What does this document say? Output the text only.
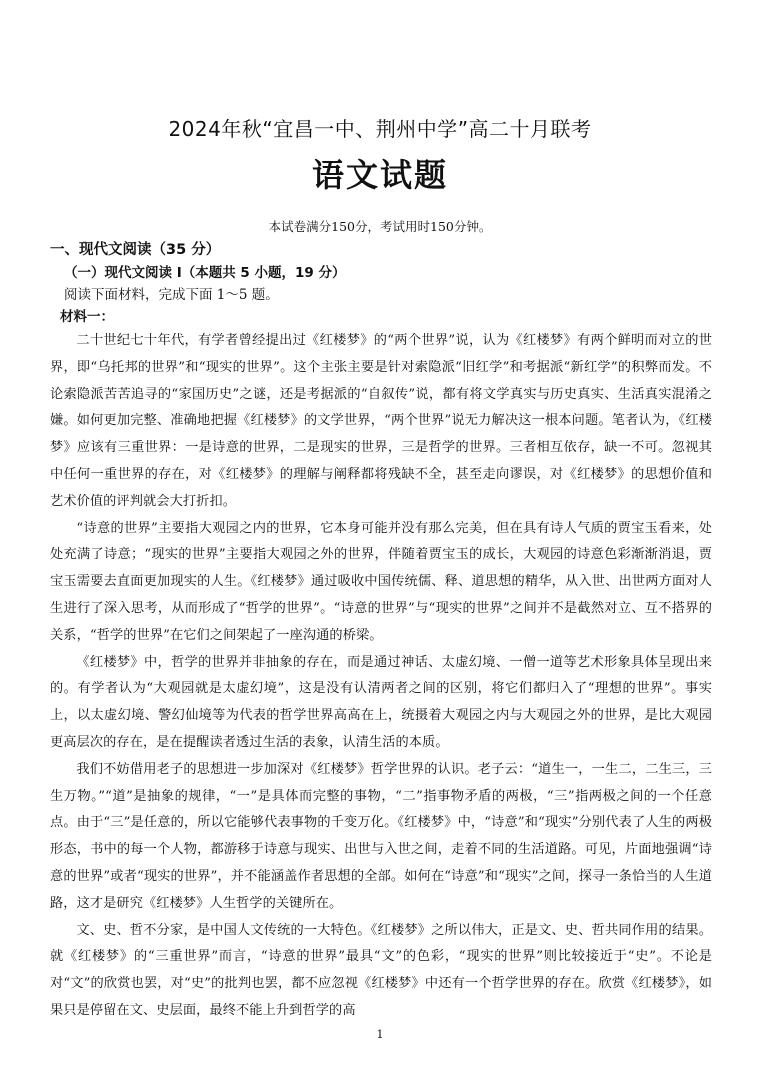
2024年秋“宜昌一中、荆州中学”高二十月联考
语文试题
本试卷满分150分，考试用时150分钟。

一、现代文阅读（35 分）

（一）现代文阅读 I（本题共 5 小题，19 分）

阅读下面材料，完成下面 1～5 题。

材料一：

二十世纪七十年代，有学者曾经提出过《红楼梦》的“两个世界”说，认为《红楼梦》有两个鲜明而对立的世界，即“乌托邦的世界”和“现实的世界”。这个主张主要是针对索隐派“旧红学”和考据派“新红学”的积弊而发。不论索隐派苦苦追寻的“家国历史”之谜，还是考据派的“自叙传”说，都有将文学真实与历史真实、生活真实混淆之嫌。如何更加完整、准确地把握《红楼梦》的文学世界，“两个世界”说无力解决这一根本问题。笔者认为，《红楼梦》应该有三重世界：一是诗意的世界，二是现实的世界，三是哲学的世界。三者相互依存，缺一不可。忽视其中任何一重世界的存在，对《红楼梦》的理解与阐释都将残缺不全，甚至走向谬误，对《红楼梦》的思想价值和艺术价值的评判就会大打折扣。

“诗意的世界”主要指大观园之内的世界，它本身可能并没有那么完美，但在具有诗人气质的贾宝玉看来，处处充满了诗意；“现实的世界”主要指大观园之外的世界，伴随着贾宝玉的成长，大观园的诗意色彩渐渐消退，贾宝玉需要去直面更加现实的人生。《红楼梦》通过吸收中国传统儒、释、道思想的精华，从入世、出世两方面对人生进行了深入思考，从而形成了“哲学的世界”。“诗意的世界”与“现实的世界”之间并不是截然对立、互不搭界的关系，“哲学的世界”在它们之间架起了一座沟通的桥梁。

《红楼梦》中，哲学的世界并非抽象的存在，而是通过神话、太虚幻境、一僧一道等艺术形象具体呈现出来的。有学者认为“大观园就是太虚幻境”，这是没有认清两者之间的区别，将它们都归入了“理想的世界”。事实上，以太虚幻境、警幻仙境等为代表的哲学世界高高在上，统摄着大观园之内与大观园之外的世界，是比大观园更高层次的存在，是在提醒读者透过生活的表象，认清生活的本质。

我们不妨借用老子的思想进一步加深对《红楼梦》哲学世界的认识。老子云：“道生一，一生二，二生三，三生万物。”“道”是抽象的规律，“一”是具体而完整的事物，“二”指事物矛盾的两极，“三”指两极之间的一个任意点。由于“三”是任意的，所以它能够代表事物的千变万化。《红楼梦》中，“诗意”和“现实”分别代表了人生的两极形态，书中的每一个人物，都游移于诗意与现实、出世与入世之间，走着不同的生活道路。可见，片面地强调“诗意的世界”或者“现实的世界”，并不能涵盖作者思想的全部。如何在“诗意”和“现实”之间，探寻一条恰当的人生道路，这才是研究《红楼梦》人生哲学的关键所在。

文、史、哲不分家，是中国人文传统的一大特色。《红楼梦》之所以伟大，正是文、史、哲共同作用的结果。就《红楼梦》的“三重世界”而言，“诗意的世界”最具“文”的色彩，“现实的世界”则比较接近于“史”。不论是对“文”的欣赏也罢，对“史”的批判也罢，都不应忽视《红楼梦》中还有一个哲学世界的存在。欣赏《红楼梦》，如果只是停留在文、史层面，最终不能上升到哲学的高

1
